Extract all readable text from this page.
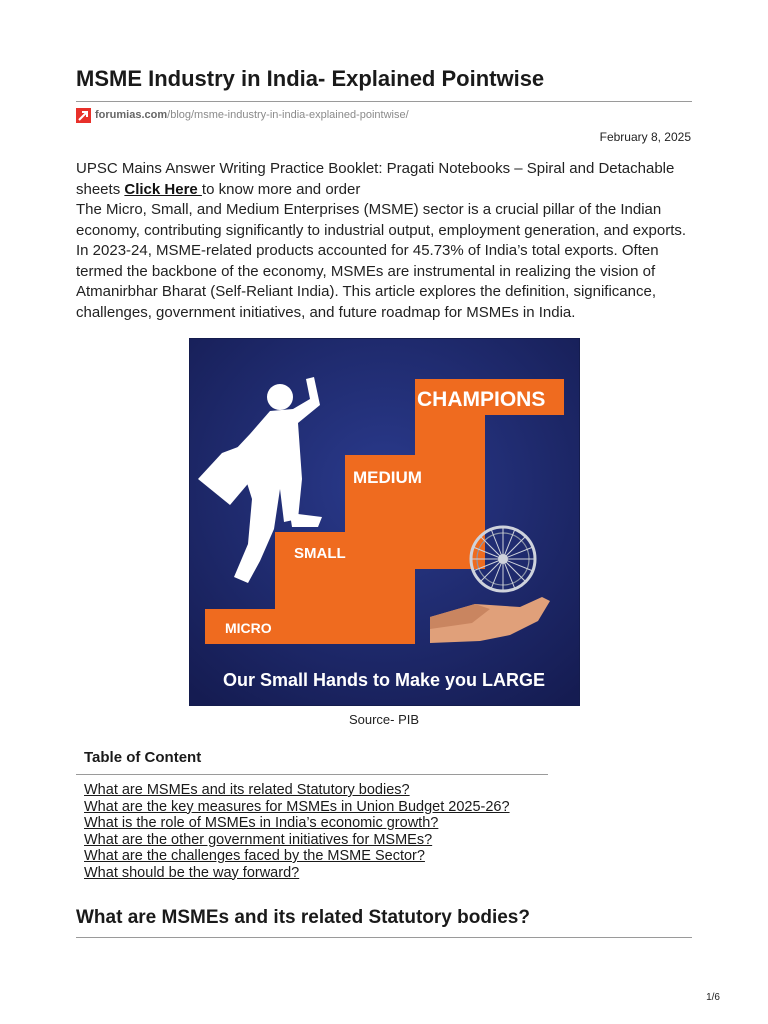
MSME Industry in India- Explained Pointwise
forumias.com /blog/msme-industry-in-india-explained-pointwise/
February 8, 2025

UPSC Mains Answer Writing Practice Booklet: Pragati Notebooks – Spiral and Detachable sheets Click Here to know more and order

The Micro, Small, and Medium Enterprises (MSME) sector is a crucial pillar of the Indian economy, contributing significantly to industrial output, employment generation, and exports. In 2023-24, MSME-related products accounted for 45.73% of India’s total exports. Often termed the backbone of the economy, MSMEs are instrumental in realizing the vision of Atmanirbhar Bharat (Self-Reliant India). This article explores the definition, significance, challenges, government initiatives, and future roadmap for MSMEs in India.

MICRO
SMALL
MEDIUM
CHAMPIONS
Our Small Hands to Make you LARGE
Source- PIB
Table of Content
What are MSMEs and its related Statutory bodies?
What are the key measures for MSMEs in Union Budget 2025-26?
What is the role of MSMEs in India’s economic growth?
What are the other government initiatives for MSMEs?
What are the challenges faced by the MSME Sector?
What should be the way forward?
What are MSMEs and its related Statutory bodies?
1/6
